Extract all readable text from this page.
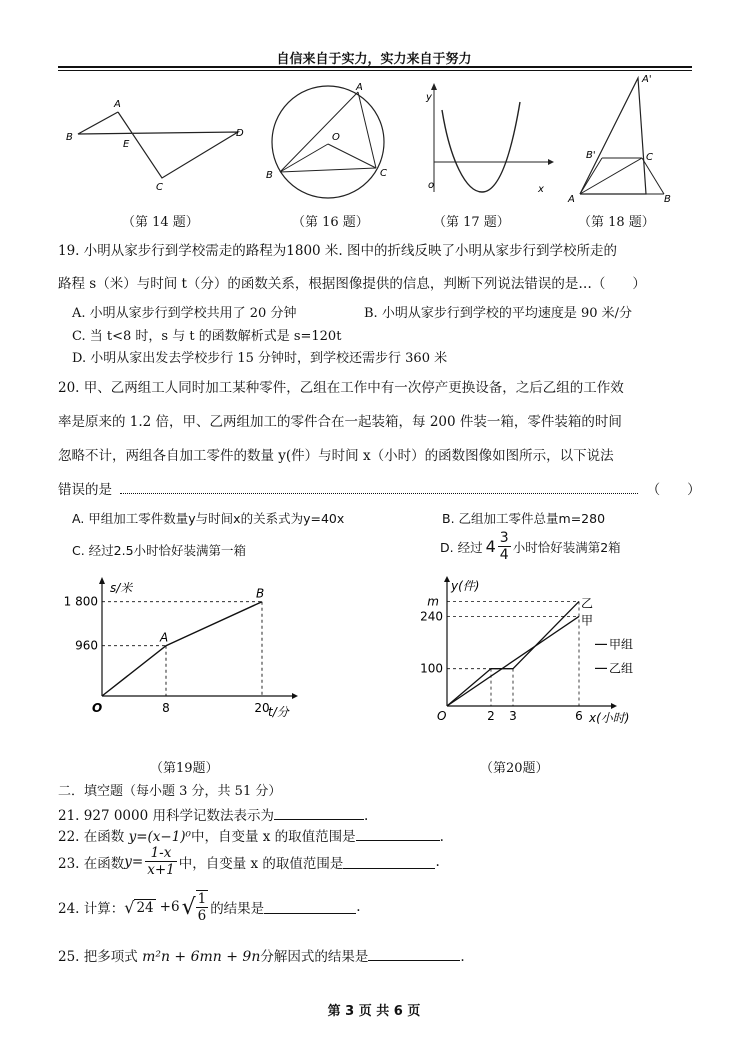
自信来自于实力，实力来自于努力
A
B
E
D
C
A
O
B	C
y
o	x
A'
B'	C
A	B
（第 14 题）	（第 16 题）	（第 17 题）	（第 18 题）
19. 小明从家步行到学校需走的路程为1800 米. 图中的折线反映了小明从家步行到学校所走的
路程 s（米）与时间 t（分）的函数关系，根据图像提供的信息，判断下列说法错误的是…（　　）
A. 小明从家步行到学校共用了 20 分钟	B. 小明从家步行到学校的平均速度是 90 米/分
C. 当 t<8 时，s 与 t 的函数解析式是 s=120t
D. 小明从家出发去学校步行 15 分钟时，到学校还需步行 360 米
20. 甲、乙两组工人同时加工某种零件，乙组在工作中有一次停产更换设备，之后乙组的工作效
率是原来的 1.2 倍，甲、乙两组加工的零件合在一起装箱，每 200 件装一箱，零件装箱的时间
忽略不计，两组各自加工零件的数量 y(件）与时间 x（小时）的函数图像如图所示，以下说法
错误的是	（　　）
A. 甲组加工零件数量y与时间x的关系式为y=40x	B. 乙组加工零件总量m=280
C. 经过2.5小时恰好装满第一箱	D. 经过 $4 \frac{3}{4}$ 小时恰好装满第2箱
s/米
t/分
O
1 800
960
8	20
A
B
y(件)
x(小时)
O
m
240
100
2 3	6
乙
甲
甲组
乙组
（第19题）	（第20题）
二．填空题（每小题 3 分，共 51 分）
21. 927 0000 用科学记数法表示为	.
22. 在函数 y=(x−1)⁰中，自变量 x 的取值范围是	.
23. 在函数 $y= \frac{1-x}{x+1}$ 中，自变量 x 的取值范围是	.
24. 计算： √ 24 +6 √ $\frac{1}{6}$ 的结果是	.
25. 把多项式 m²n + 6mn + 9n分解因式的结果是	.
第 3 页 共 6 页
